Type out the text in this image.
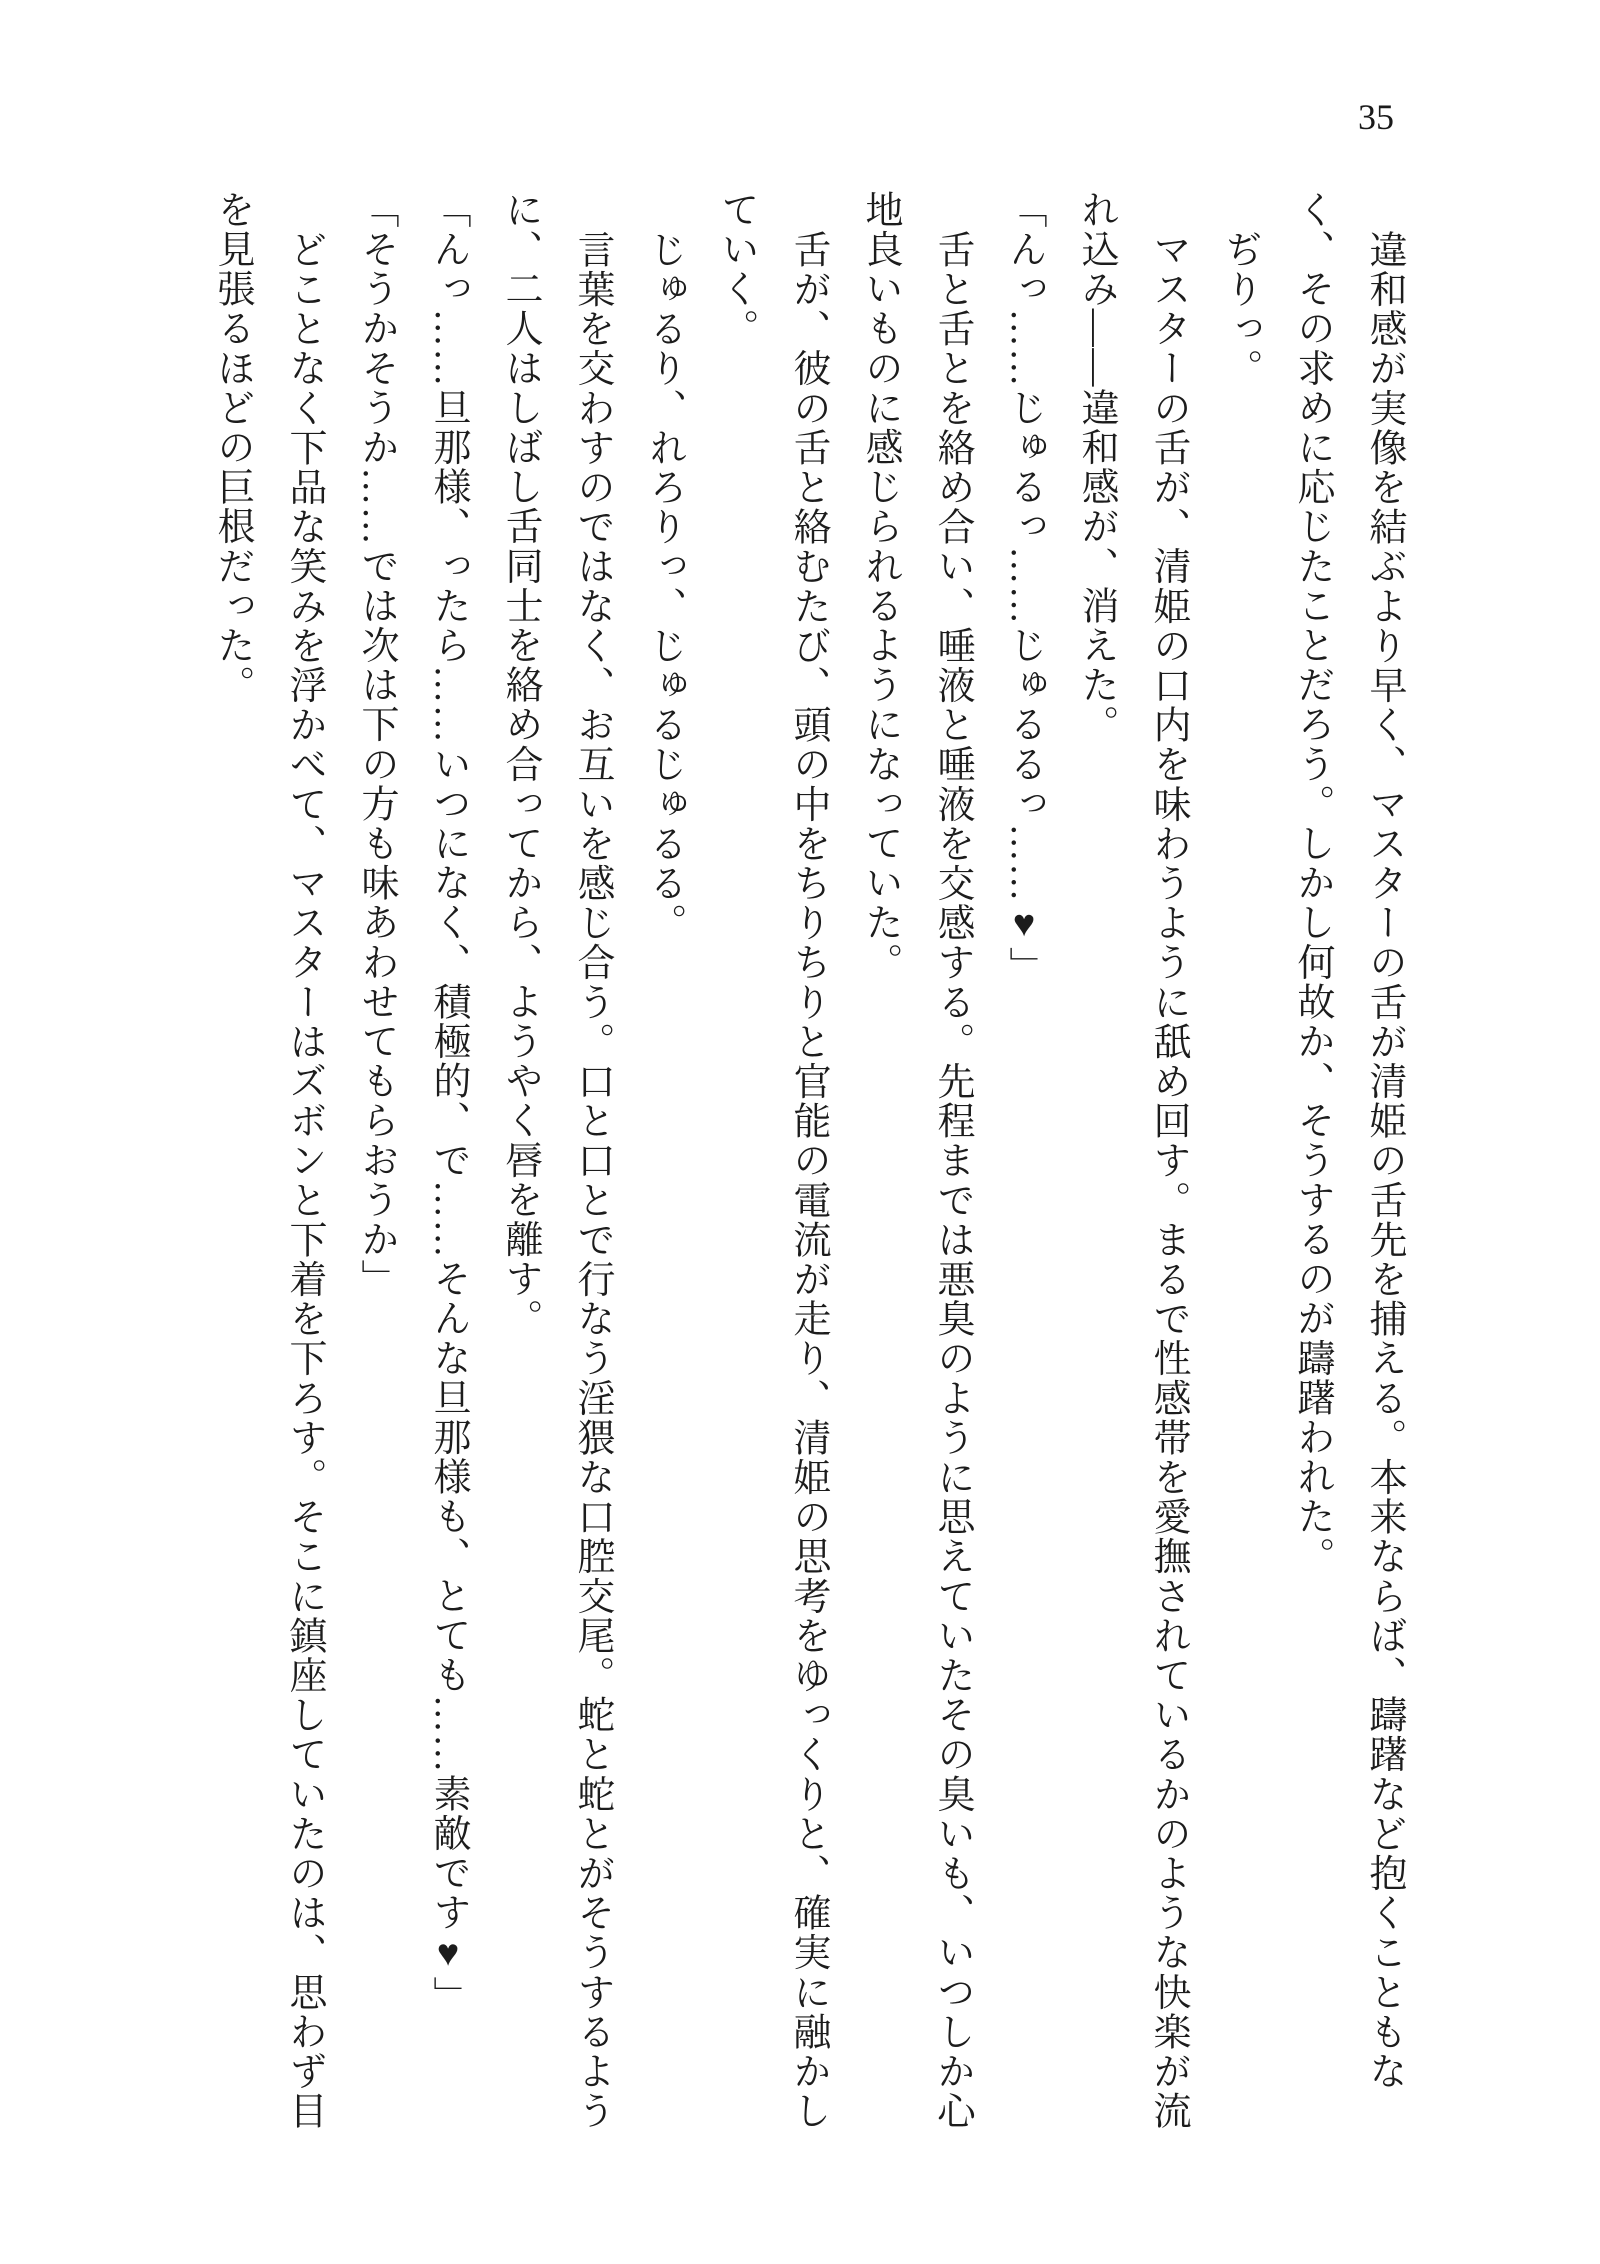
35

違和感が実像を結ぶより早く、マスターの舌が清姫の舌先を捕える。本来ならば、躊躇など抱くこともなく、その求めに応じたことだろう。しかし何故か、そうするのが躊躇われた。

ぢりっ。

マスターの舌が、清姫の口内を味わうように舐め回す。まるで性感帯を愛撫されているかのような快楽が流れ込み――違和感が、消えた。

「んっ……じゅるっ……じゅるるっ……♥」

舌と舌とを絡め合い、唾液と唾液を交感する。先程までは悪臭のように思えていたその臭いも、いつしか心地良いものに感じられるようになっていた。

舌が、彼の舌と絡むたび、頭の中をちりちりと官能の電流が走り、清姫の思考をゆっくりと、確実に融かしていく。

じゅるり、れろりっ、じゅるじゅるる。

言葉を交わすのではなく、お互いを感じ合う。口と口とで行なう淫猥な口腔交尾。蛇と蛇とがそうするように、二人はしばし舌同士を絡め合ってから、ようやく唇を離す。

「んっ……旦那様、ったら……いつになく、積極的、で……そんな旦那様も、とても……素敵です♥」

「そうかそうか……では次は下の方も味あわせてもらおうか」

どことなく下品な笑みを浮かべて、マスターはズボンと下着を下ろす。そこに鎮座していたのは、思わず目を見張るほどの巨根だった。
